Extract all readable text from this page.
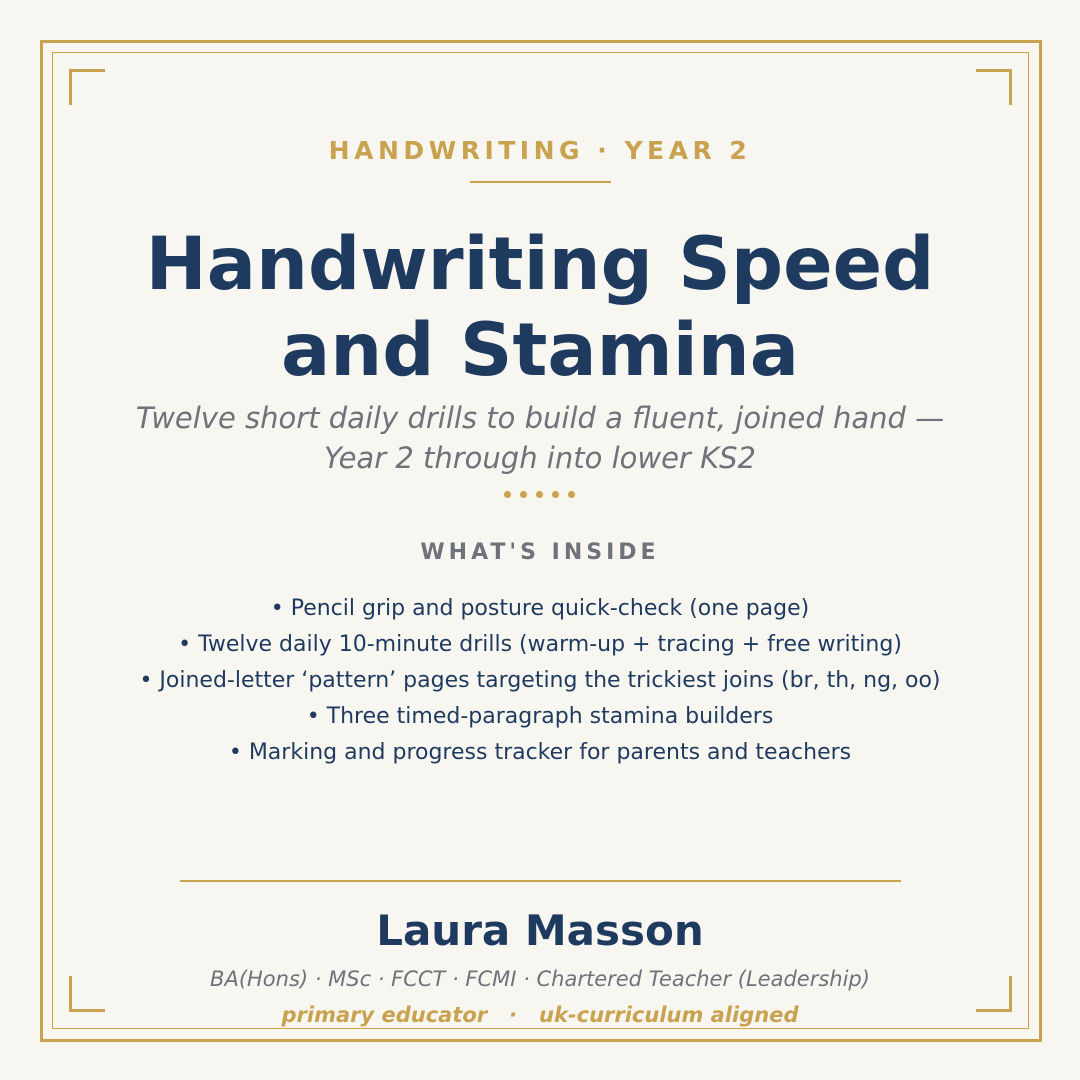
HANDWRITING · YEAR 2
Handwriting Speed
and Stamina
Twelve short daily drills to build a fluent, joined hand —
Year 2 through into lower KS2
WHAT'S INSIDE
• Pencil grip and posture quick-check (one page)
• Twelve daily 10-minute drills (warm-up + tracing + free writing)
• Joined-letter ‘pattern’ pages targeting the trickiest joins (br, th, ng, oo)
• Three timed-paragraph stamina builders
• Marking and progress tracker for parents and teachers
Laura Masson
BA(Hons) · MSc · FCCT · FCMI · Chartered Teacher (Leadership)
primary educator   ·   uk-curriculum aligned
